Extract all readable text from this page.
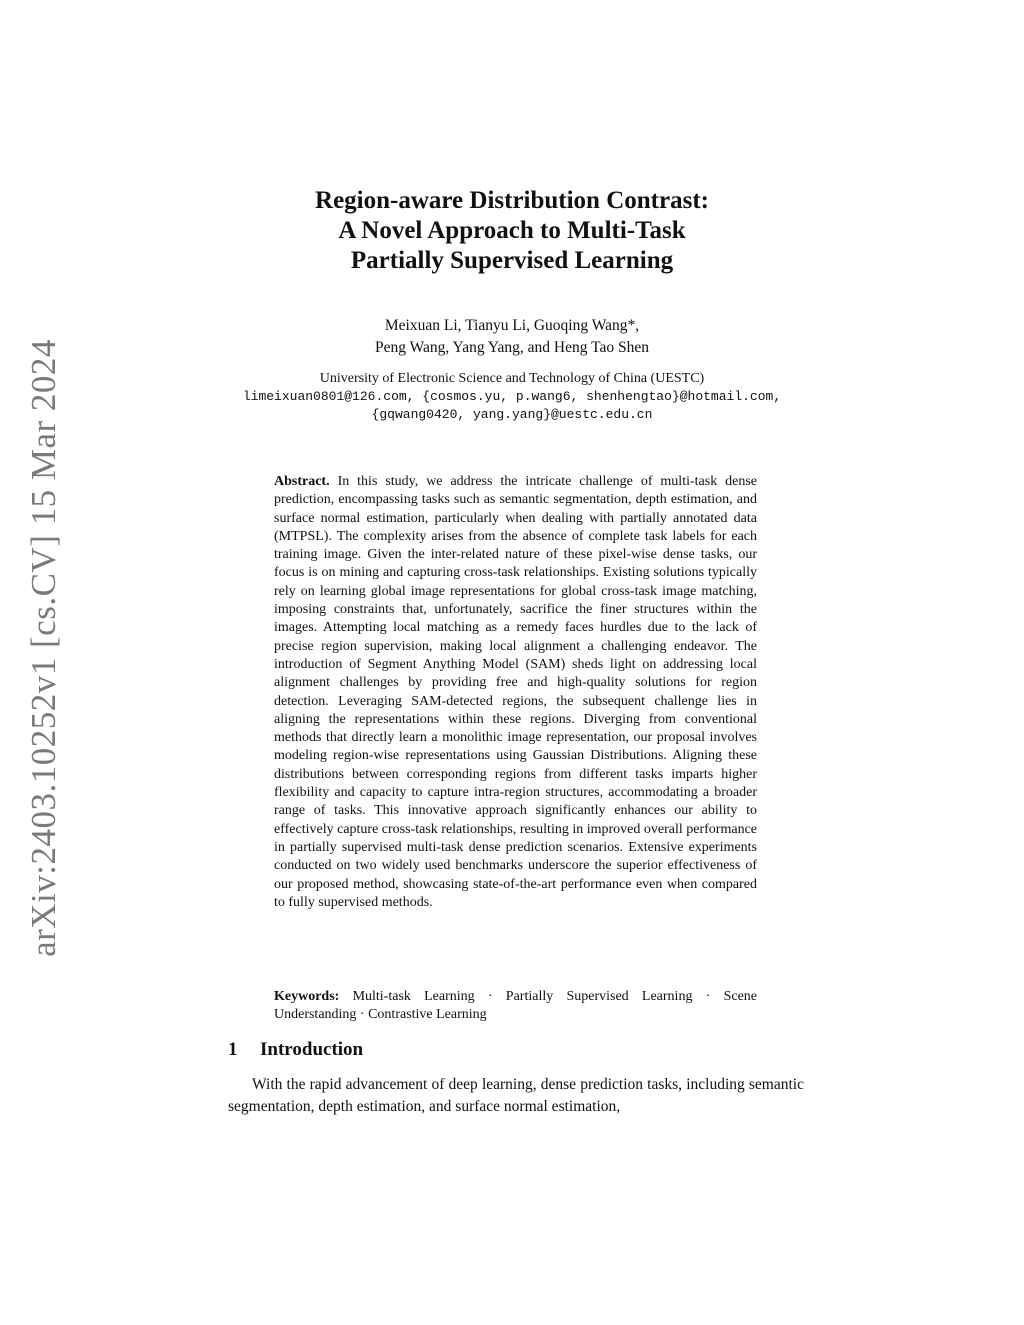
arXiv:2403.10252v1 [cs.CV] 15 Mar 2024
Region-aware Distribution Contrast:
A Novel Approach to Multi-Task
Partially Supervised Learning
Meixuan Li, Tianyu Li, Guoqing Wang*,
Peng Wang, Yang Yang, and Heng Tao Shen
University of Electronic Science and Technology of China (UESTC)
limeixuan0801@126.com, {cosmos.yu, p.wang6, shenhengtao}@hotmail.com,
{gqwang0420, yang.yang}@uestc.edu.cn
Abstract. In this study, we address the intricate challenge of multi-task dense prediction, encompassing tasks such as semantic segmentation, depth estimation, and surface normal estimation, particularly when dealing with partially annotated data (MTPSL). The complexity arises from the absence of complete task labels for each training image. Given the inter-related nature of these pixel-wise dense tasks, our focus is on mining and capturing cross-task relationships. Existing solutions typically rely on learning global image representations for global cross-task image matching, imposing constraints that, unfortunately, sacrifice the finer structures within the images. Attempting local matching as a remedy faces hurdles due to the lack of precise region supervision, making local alignment a challenging endeavor. The introduction of Segment Anything Model (SAM) sheds light on addressing local alignment challenges by providing free and high-quality solutions for region detection. Leveraging SAM-detected regions, the subsequent challenge lies in aligning the representations within these regions. Diverging from conventional methods that directly learn a monolithic image representation, our proposal involves modeling region-wise representations using Gaussian Distributions. Aligning these distributions between corresponding regions from different tasks imparts higher flexibility and capacity to capture intra-region structures, accommodating a broader range of tasks. This innovative approach significantly enhances our ability to effectively capture cross-task relationships, resulting in improved overall performance in partially supervised multi-task dense prediction scenarios. Extensive experiments conducted on two widely used benchmarks underscore the superior effectiveness of our proposed method, showcasing state-of-the-art performance even when compared to fully supervised methods.
Keywords: Multi-task Learning · Partially Supervised Learning · Scene Understanding · Contrastive Learning
1 Introduction
With the rapid advancement of deep learning, dense prediction tasks, including semantic segmentation, depth estimation, and surface normal estimation,
